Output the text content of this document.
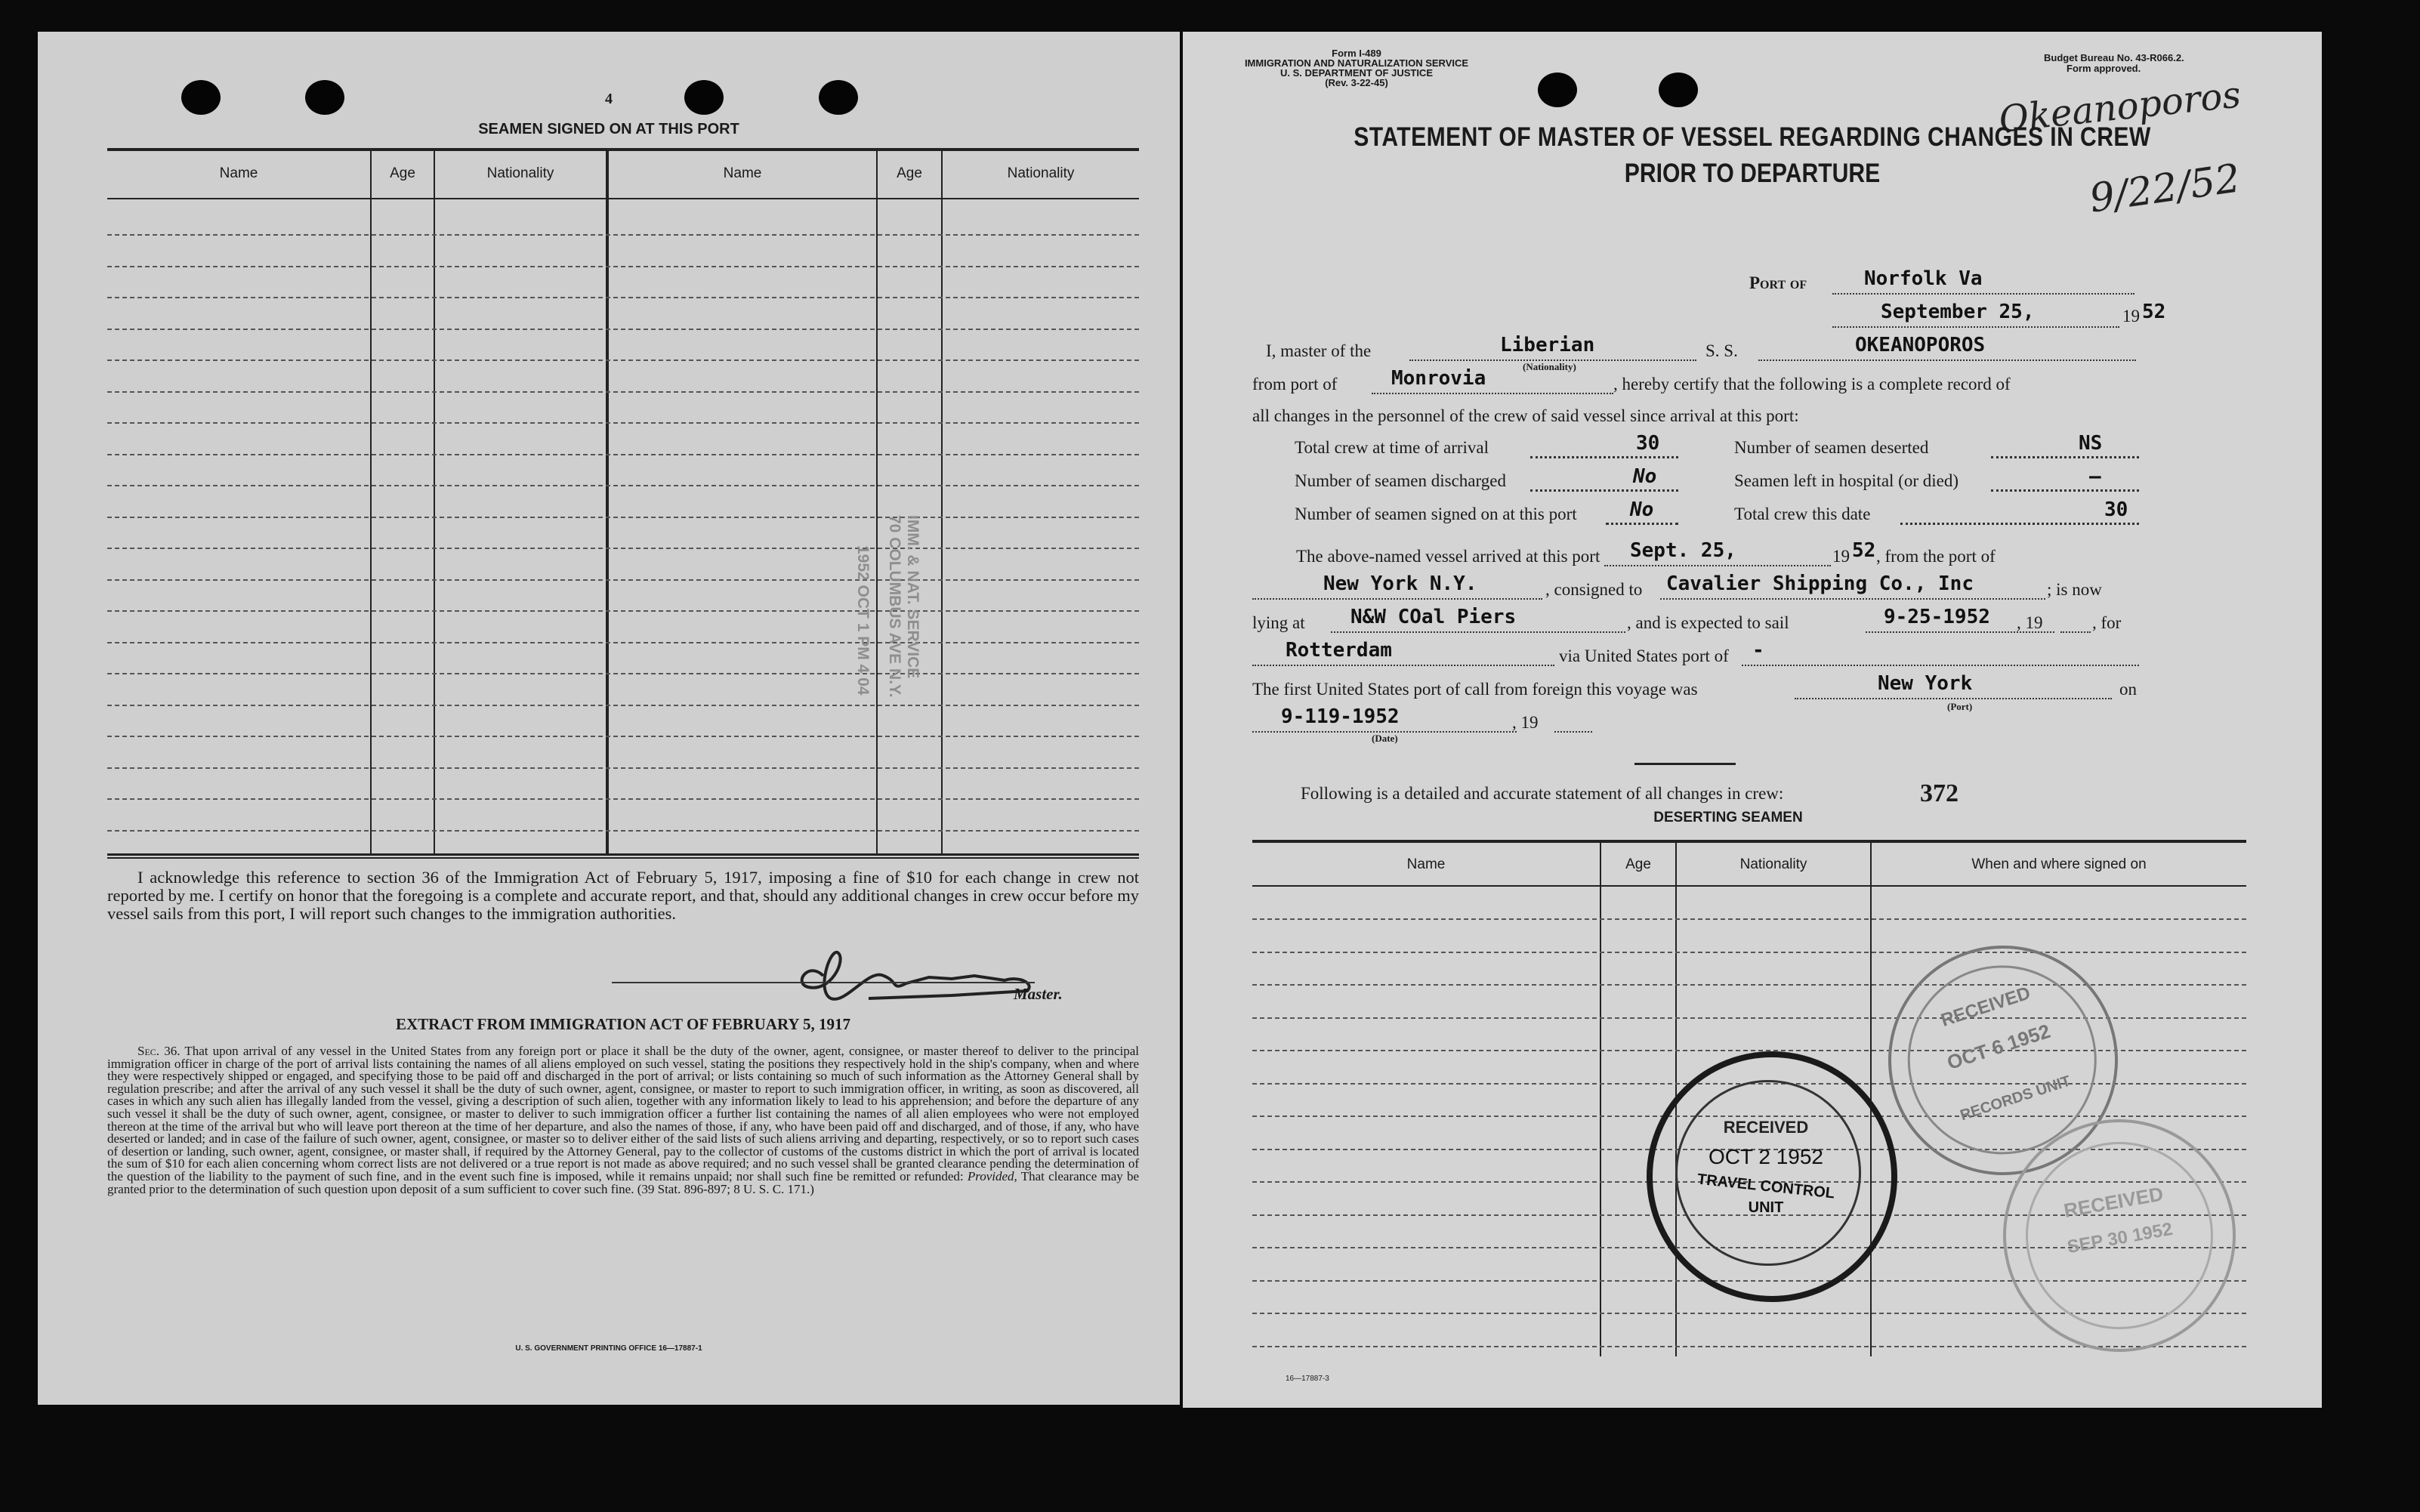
4
SEAMEN SIGNED ON AT THIS PORT
Name	Age	Nationality	Name	Age	Nationality
IMM. & NAT. SERVICE
70 COLUMBUS AVE N.Y.
1952 OCT 1 PM 4 04
I acknowledge this reference to section 36 of the Immigration Act of February 5, 1917, imposing a fine of $10 for each change in crew not reported by me. I certify on honor that the foregoing is a complete and accurate report, and that, should any additional changes in crew occur before my vessel sails from this port, I will report such changes to the immigration authorities.
Master.
EXTRACT FROM IMMIGRATION ACT OF FEBRUARY 5, 1917
Sec. 36. That upon arrival of any vessel in the United States from any foreign port or place it shall be the duty of the owner, agent, consignee, or master thereof to deliver to the principal immigration officer in charge of the port of arrival lists containing the names of all aliens employed on such vessel, stating the positions they respectively hold in the ship's company, when and where they were respectively shipped or engaged, and specifying those to be paid off and discharged in the port of arrival; or lists containing so much of such information as the Attorney General shall by regulation prescribe; and after the arrival of any such vessel it shall be the duty of such owner, agent, consignee, or master to report to such immigration officer, in writing, as soon as discovered, all cases in which any such alien has illegally landed from the vessel, giving a description of such alien, together with any information likely to lead to his apprehension; and before the departure of any such vessel it shall be the duty of such owner, agent, consignee, or master to deliver to such immigration officer a further list containing the names of all alien employees who were not employed thereon at the time of the arrival but who will leave port thereon at the time of her departure, and also the names of those, if any, who have been paid off and discharged, and of those, if any, who have deserted or landed; and in case of the failure of such owner, agent, consignee, or master so to deliver either of the said lists of such aliens arriving and departing, respectively, or so to report such cases of desertion or landing, such owner, agent, consignee, or master shall, if required by the Attorney General, pay to the collector of customs of the customs district in which the port of arrival is located the sum of $10 for each alien concerning whom correct lists are not delivered or a true report is not made as above required; and no such vessel shall be granted clearance pending the determination of the question of the liability to the payment of such fine, and in the event such fine is imposed, while it remains unpaid; nor shall such fine be remitted or refunded: Provided, That clearance may be granted prior to the determination of such question upon deposit of a sum sufficient to cover such fine. (39 Stat. 896-897; 8 U. S. C. 171.)
U. S. GOVERNMENT PRINTING OFFICE 16—17887-1
Form I-489
IMMIGRATION AND NATURALIZATION SERVICE
U. S. DEPARTMENT OF JUSTICE
(Rev. 3-22-45)
Budget Bureau No. 43-R066.2.
Form approved.
Okeanoporos
9/22/52
STATEMENT OF MASTER OF VESSEL REGARDING CHANGES IN CREW
PRIOR TO DEPARTURE
Port of	Norfolk Va
September 25,	19 52
I, master of the	Liberian
(Nationality)
S. S.	OKEANOPOROS
from port of	Monrovia	, hereby certify that the following is a complete record of
all changes in the personnel of the crew of said vessel since arrival at this port:
Total crew at time of arrival	30	Number of seamen deserted	NS
Number of seamen discharged	No	Seamen left in hospital (or died)	—
Number of seamen signed on at this port	No	Total crew this date	30
The above-named vessel arrived at this port Sept. 25,	19 52 , from the port of
New York N.Y.	, consigned to Cavalier Shipping Co., Inc	; is now
lying at N&W COal Piers	, and is expected to sail	9-25-1952 , 19	, for
Rotterdam	via United States port of -
The first United States port of call from foreign this voyage was	New York
(Port)
on
9-119-1952	, 19
(Date)
Following is a detailed and accurate statement of all changes in crew:	372
DESERTING SEAMEN
Name	Age	Nationality	When and where signed on
RECEIVED
OCT 6 1952
RECORDS UNIT
RECEIVED
SEP 30 1952
RECEIVED
OCT 2 1952
TRAVEL CONTROL
UNIT
16—17887-3
